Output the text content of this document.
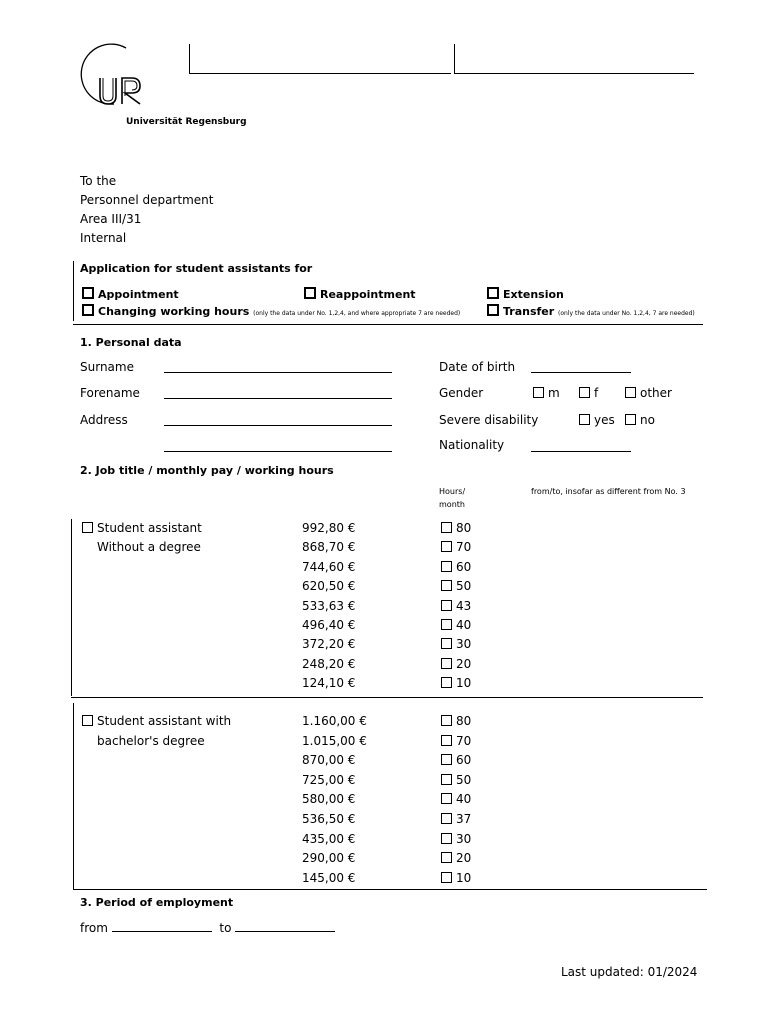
Universität Regensburg
To the
Personnel department
Area III/31
Internal
Application for student assistants for
Appointment	Reappointment	Extension
Changing working hours (only the data under No. 1,2,4, and where appropriate 7 are needed)	Transfer (only the data under No. 1,2,4, 7 are needed)
1. Personal data
Surname
Forename
Address
Date of birth
Gender	m	f	other
Severe disability	yes	no
Nationality
2. Job title / monthly pay / working hours
Hours/
month
from/to, insofar as different from No. 3
Student assistant
Without a degree
992,80 €	80
868,70 €	70
744,60 €	60
620,50 €	50
533,63 €	43
496,40 €	40
372,20 €	30
248,20 €	20
124,10 €	10
Student assistant with
bachelor's degree
1.160,00 €	80
1.015,00 €	70
870,00 €	60
725,00 €	50
580,00 €	40
536,50 €	37
435,00 €	30
290,00 €	20
145,00 €	10
3. Period of employment
from	to
Last updated: 01/2024
